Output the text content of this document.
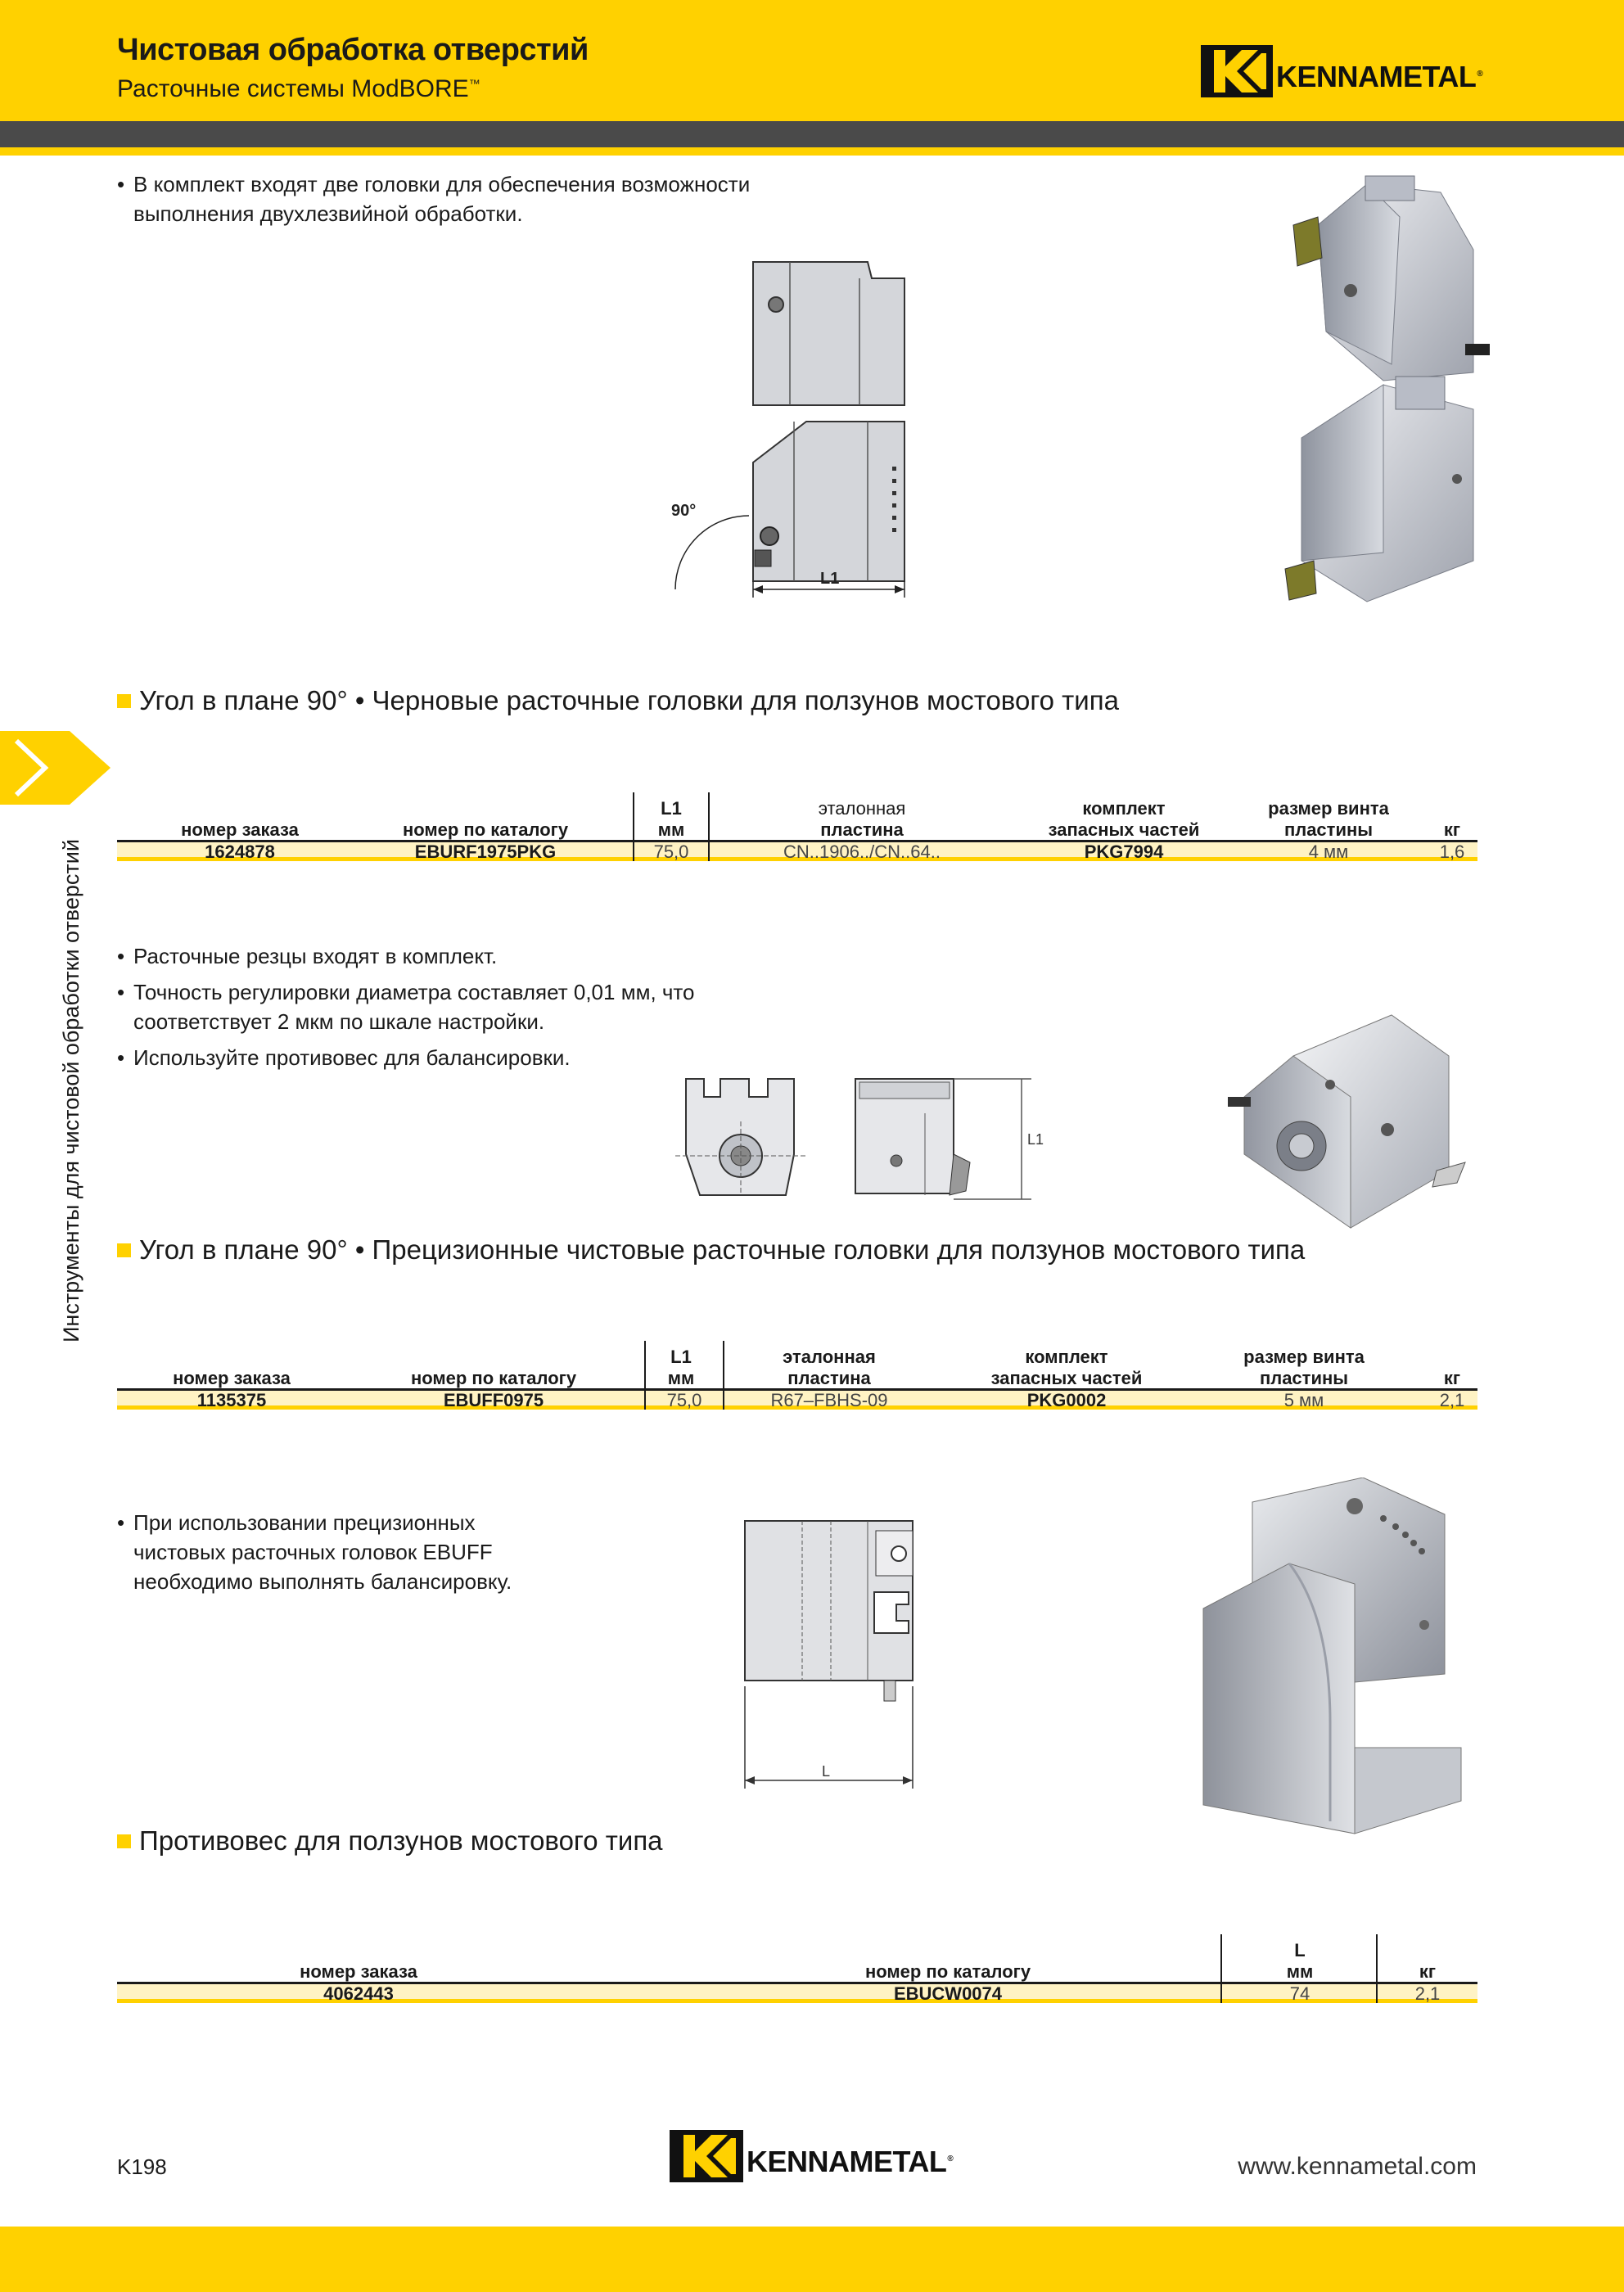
Чистовая обработка отверстий
Расточные системы ModBORE™	KENNAMETAL®
Инструменты для чистовой обработки отверстий
• В комплект входят две головки для обеспечения возможности выполнения двухлезвийной обработки.
90°
L1
Угол в плане 90° • Черновые расточные головки для ползунов мостового типа
номер заказа	номер по каталогу
L1
мм
эталонная
пластина
комплект
запасных частей
размер винта
пластины	кг
1624878	EBURF1975PKG	75,0	CN..1906../CN..64..	PKG7994	4 мм	1,6
• Расточные резцы входят в комплект.
• Точность регулировки диаметра составляет 0,01 мм, что соответствует 2 мкм по шкале настройки.
• Используйте противовес для балансировки.
L1
Угол в плане 90° • Прецизионные чистовые расточные головки для ползунов мостового типа
номер заказа	номер по каталогу
L1
мм
эталонная
пластина
комплект
запасных частей
размер винта
пластины	кг
1135375	EBUFF0975	75,0	R67–FBHS-09	PKG0002	5 мм	2,1
• При использовании прецизионных чистовых расточных головок EBUFF необходимо выполнять балансировку.
L
Противовес для ползунов мостового типа
номер заказа	номер по каталогу
L
мм	кг
4062443	EBUCW0074	74	2,1
K198	KENNAMETAL®	www.kennametal.com
